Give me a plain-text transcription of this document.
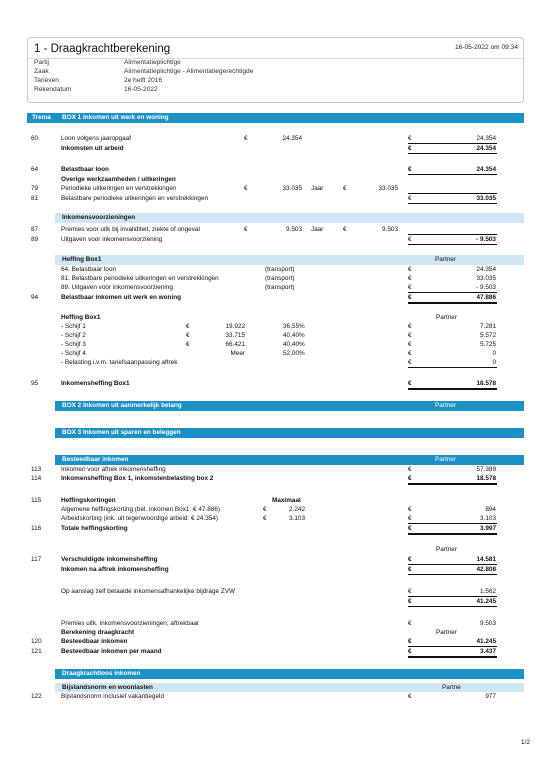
1 - Draagkrachtberekening	16-05-2022 om 09:34
Partij	Alimentatieplichtige
Zaak	Alimentatieplichtige - Alimentatiegerechtigde
Tarieven	2e helft 2016
Rekendatum	16-05-2022
Trema BOX 1 Inkomen uit werk en woning
60	Loon volgens jaaropgaaf	€	24.354	€	24.354
Inkomsten uit arbeid	€	24.354
64	Belastbaar loon	€	24.354
Overige werkzaamheden / uitkeringen
79	Periodieke uitkeringen en verstrekkingen	€	33.035 Jaar	€	33.035
81	Belastbare periodieke uitkeringen en verstrekkingen	€	33.035
Inkomensvoorzieningen
87	Premies voor uitk bij invaliditeit, ziekte of ongeval	€	9.503 Jaar	€	9.503
89	Uitgaven voor inkomensvoorziening	€	- 9.503
Heffing Box1	Partner
64. Belastbaar loon	(transport)	€	24.354
81. Belastbare periodieke uitkeringen en verstrekkingen	(transport)	€	33.035
89. Uitgaven voor inkomensvoorziening	(transport)	€	- 9.503
94	Belastbaar inkomen uit werk en woning	€	47.886
Heffing Box1	Partner
- Schijf 1	€	19.922	36,55%	€	7.281
- Schijf 2	€	33.715	40,40%	€	5.572
- Schijf 3	€	66.421	40,40%	€	5.725
- Schijf 4	Meer	52,00%	€	0
- Belasting i.v.m. tariefsaanpassing aftrek	€	0
95	Inkomensheffing Box1	€	18.578
BOX 2 Inkomen uit aanmerkelijk belang	Partner
BOX 3 Inkomen uit sparen en beleggen
Besteedbaar inkomen	Partner
113	Inkomen voor aftrek inkomensheffing	€	57.389
114	Inkomensheffing Box 1, inkomstenbelasting box 2	€	18.578
115	Heffingskortingen	Maximaal
Algemene heffingskorting (bel. inkomen Box1: € 47.886)	€	2.242	€	894
Arbeidskorting (ink. uit tegenwoordige arbeid: € 24.354)	€	3.103	€	3.103
116	Totale heffingskorting	€	3.997
Partner
117	Verschuldigde inkomensheffing	€	14.581
Inkomen na aftrek inkomensheffing	€	42.808
Op aanslag zelf betaalde inkomensafhankelijke bijdrage ZVW	€	1.562
€	41.245
Premies uitk. inkomensvoorzieningen; aftrekbaar	€	9.503
Berekening draagkracht	Partner
120	Besteedbaar inkomen	€	41.245
121	Besteedbaar inkomen per maand	€	3.437
Draagkrachtloos inkomen
Bijstandsnorm en woonlasten	Partne
122	Bijstandsnorm inclusief vakantiegeld	€	977
1/2
